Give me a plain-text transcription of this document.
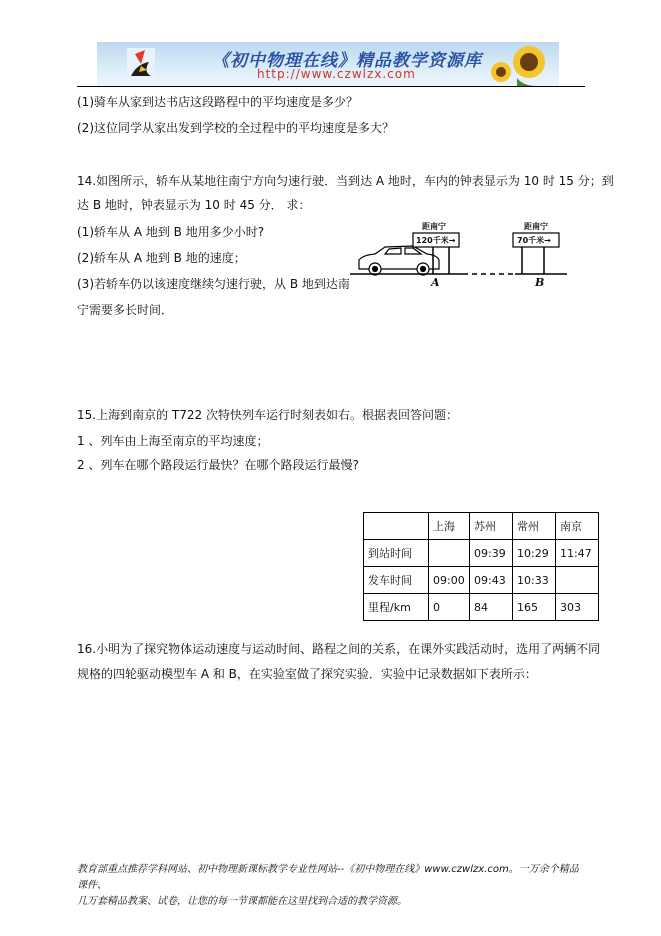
《初中物理在线》精品教学资源库
http://www.czwlzx.com
(1)骑车从家到达书店这段路程中的平均速度是多少？
(2)这位同学从家出发到学校的全过程中的平均速度是多大？
14.如图所示，轿车从某地往南宁方向匀速行驶．当到达 A 地时，车内的钟表显示为 10 时 15 分；到
达 B 地时，钟表显示为 10 时 45 分． 求：
(1)轿车从 A 地到 B 地用多少小时?
(2)轿车从 A 地到 B 地的速度；
(3)若轿车仍以该速度继续匀速行驶，从 B 地到达南
宁需要多长时间．
距南宁
120千米→
距南宁
70千米→
A	B
15.上海到南京的 T722 次特快列车运行时刻表如右。根据表回答问题：
1 、列车由上海至南京的平均速度；
2 、列车在哪个路段运行最快？在哪个路段运行最慢?
	上海	苏州	常州	南京
到站时间		09:39	10:29	11:47
发车时间	09:00	09:43	10:33	
里程/km	0	84	165	303
16.小明为了探究物体运动速度与运动时间、路程之间的关系，在课外实践活动时，选用了两辆不同
规格的四轮驱动模型车 A 和 B，在实验室做了探究实验．实验中记录数据如下表所示：
教育部重点推荐学科网站、初中物理新课标教学专业性网站--《初中物理在线》www.czwlzx.com。一万余个精品课件、
几万套精品教案、试卷，让您的每一节课都能在这里找到合适的教学资源。
